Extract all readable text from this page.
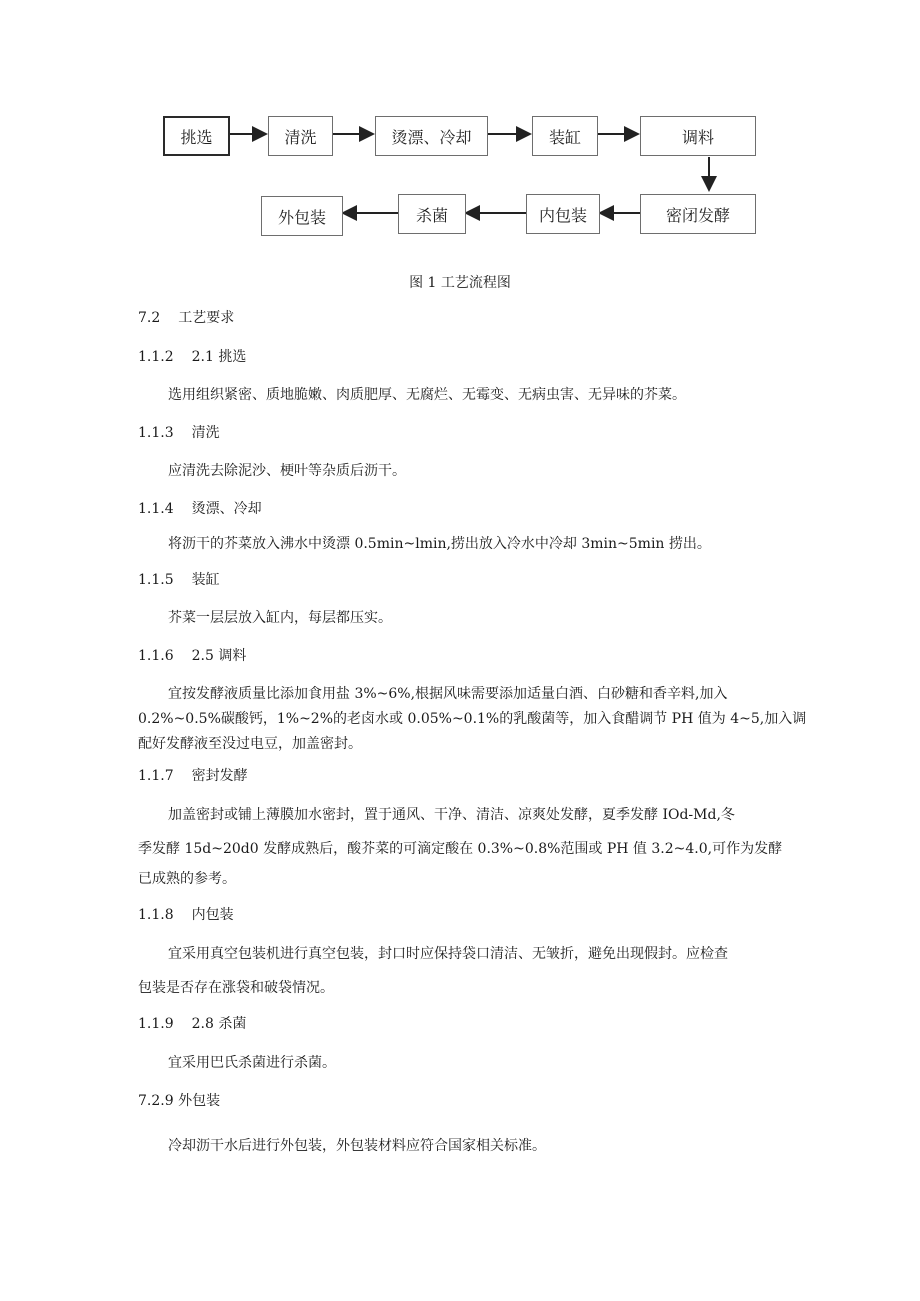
挑选	清洗	烫漂、冷却	装缸	调料
外包装	杀菌	内包装	密闭发酵
图 1 工艺流程图
7.2 工艺要求
1.1.2 2.1 挑选
选用组织紧密、质地脆嫩、肉质肥厚、无腐烂、无霉变、无病虫害、无异味的芥菜。
1.1.3 清洗
应清洗去除泥沙、梗叶等杂质后沥干。
1.1.4 烫漂、冷却
将沥干的芥菜放入沸水中烫漂 0.5min~lmin,捞出放入冷水中冷却 3min~5min 捞出。
1.1.5 装缸
芥菜一层层放入缸内，每层都压实。
1.1.6 2.5 调料
宜按发酵液质量比添加食用盐 3%~6%,根据风味需要添加适量白酒、白砂糖和香辛料,加入
0.2%~0.5%碳酸钙，1%~2%的老卤水或 0.05%~0.1%的乳酸菌等，加入食醋调节 PH 值为 4~5,加入调
配好发酵液至没过电豆，加盖密封。
1.1.7 密封发酵
加盖密封或铺上薄膜加水密封，置于通风、干净、清洁、凉爽处发酵，夏季发酵 IOd-Md,冬
季发酵 15d~20d0 发酵成熟后，酸芥菜的可滴定酸在 0.3%~0.8%范围或 PH 值 3.2~4.0,可作为发酵
已成熟的参考。
1.1.8 内包装
宜采用真空包装机进行真空包装，封口时应保持袋口清洁、无皱折，避免出现假封。应检查
包装是否存在涨袋和破袋情况。
1.1.9 2.8 杀菌
宜采用巴氏杀菌进行杀菌。
7.2.9 外包装
冷却沥干水后进行外包装，外包装材料应符合国家相关标准。
